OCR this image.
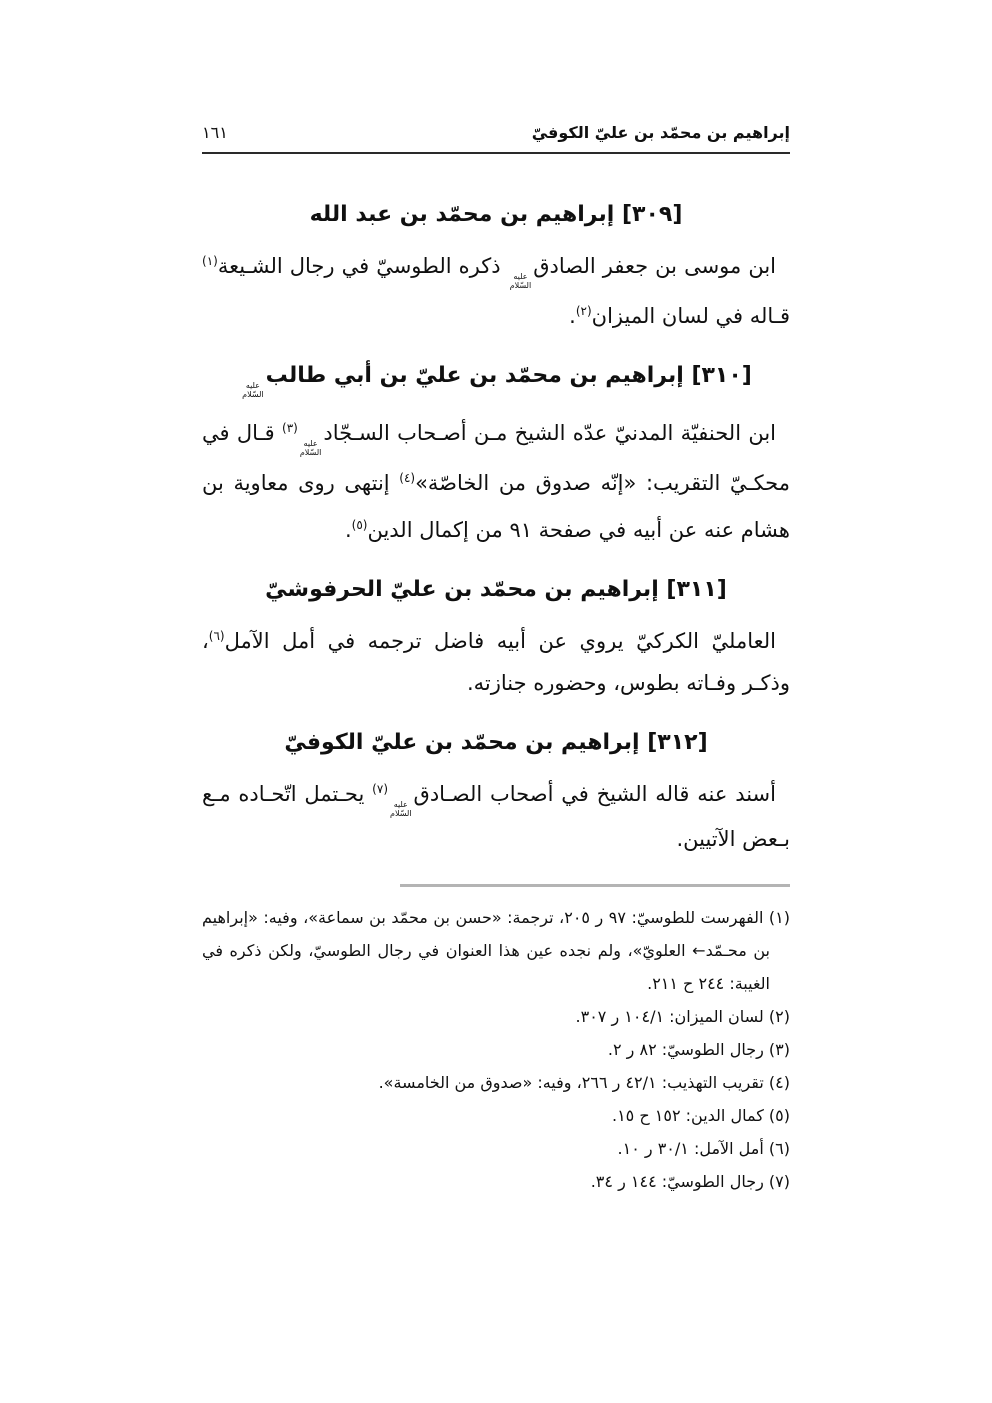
إبراهيم بن محمّد بن عليّ الكوفيّ
١٦١
[٣٠٩] إبراهيم بن محمّد بن عبد الله

ابن موسى بن جعفر الصادق
عليه
السّلام
ذكره الطوسيّ في رجال الشـيعة$^{(١)}$ قـاله في لسان الميزان$^{(٢)}$.

[٣١٠] إبراهيم بن محمّد بن عليّ بن أبي طالب
عليه
السّلام

ابن الحنفيّة المدنيّ عدّه الشيخ مـن أصـحاب السـجّاد
عليه
السّلام
$^{(٣)}$ قـال في محكـيّ التقريب: «إنّه صدوق من الخاصّة»$^{(٤)}$ إنتهى روى معاوية بن هشام عنه عن أبيه في صفحة ٩١ من إكمال الدين$^{(٥)}$.

[٣١١] إبراهيم بن محمّد بن عليّ الحرفوشيّ

العامليّ الكركيّ يروي عن أبيه فاضل ترجمه في أمل الآمل$^{(٦)}$، وذكـر وفـاته بطوس، وحضوره جنازته.

[٣١٢] إبراهيم بن محمّد بن عليّ الكوفيّ

أسند عنه قاله الشيخ في أصحاب الصـادق
عليه
السّلام
$^{(٧)}$ يحـتمل اتّحـاده مـع بـعض الآتيين.

(١) الفهرست للطوسيّ: ٩٧ ر ٢٠٥، ترجمة: «حسن بن محمّد بن سماعة»، وفيه: «إبراهيم بن محـمّد← العلويّ»، ولم نجده عين هذا العنوان في رجال الطوسيّ، ولكن ذكره في الغيبة: ٢٤٤ ح ٢١١.
(٢) لسان الميزان: ١٠٤/١ ر ٣٠٧.
(٣) رجال الطوسيّ: ٨٢ ر ٢.
(٤) تقريب التهذيب: ٤٢/١ ر ٢٦٦، وفيه: «صدوق من الخامسة».
(٥) كمال الدين: ١٥٢ ح ١٥.
(٦) أمل الآمل: ٣٠/١ ر ١٠.
(٧) رجال الطوسيّ: ١٤٤ ر ٣٤.
